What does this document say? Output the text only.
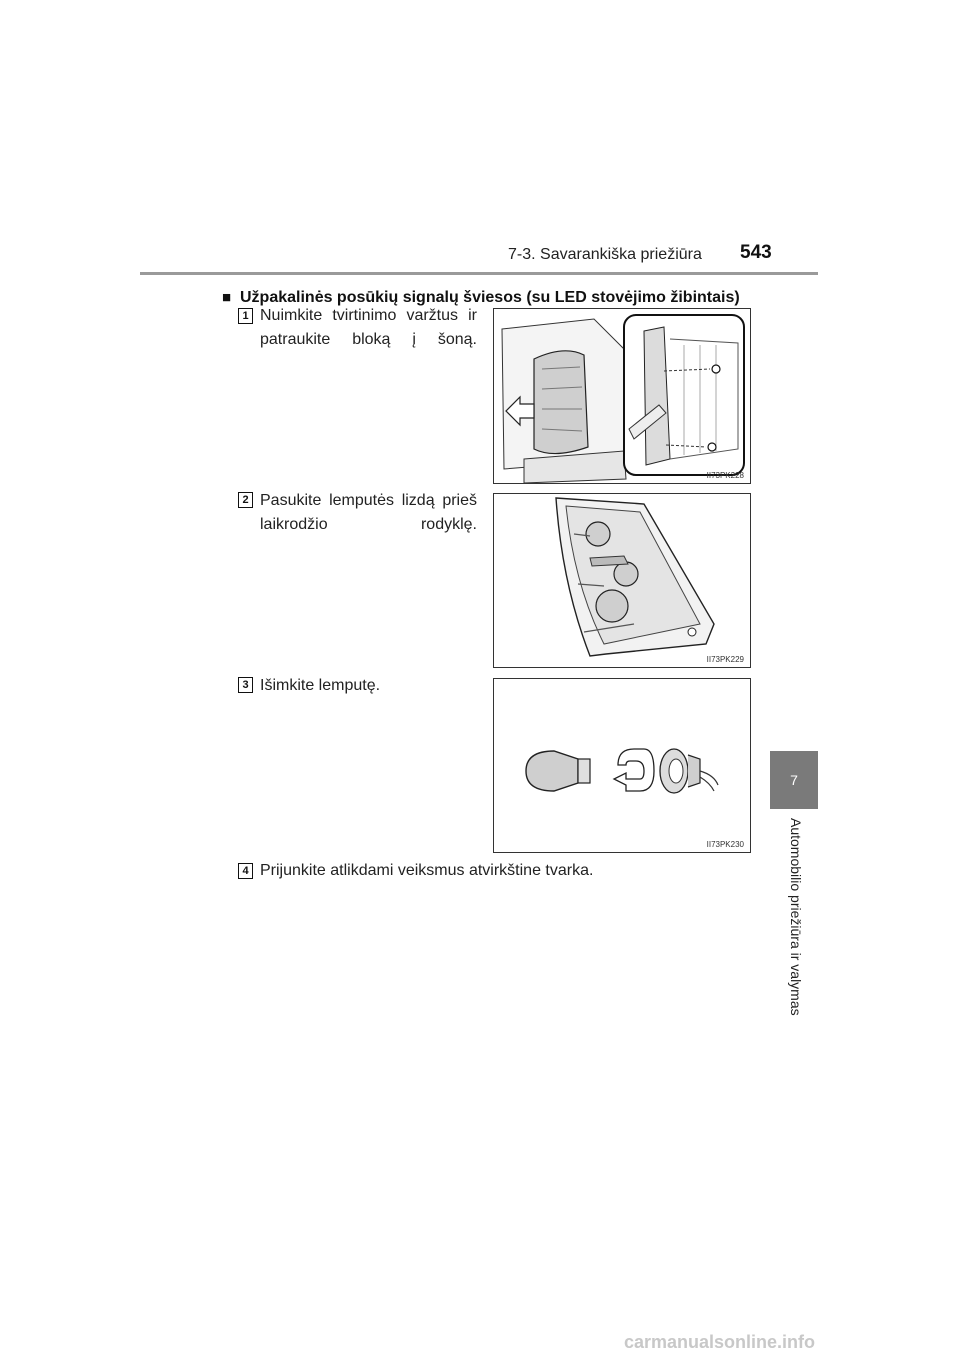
7-3. Savarankiška priežiūra 543
7
Automobilio priežiūra ir valymas
■ Užpakalinės posūkių signalų šviesos (su LED stovėjimo žibintais)
1 Nuimkite tvirtinimo varžtus ir patraukite bloką į šoną.
II73PK228
2 Pasukite lemputės lizdą prieš laikrodžio rodyklę.
II73PK229
3 Išimkite lemputę.
II73PK230
4 Prijunkite atlikdami veiksmus atvirkštine tvarka.
carmanualsonline.info
